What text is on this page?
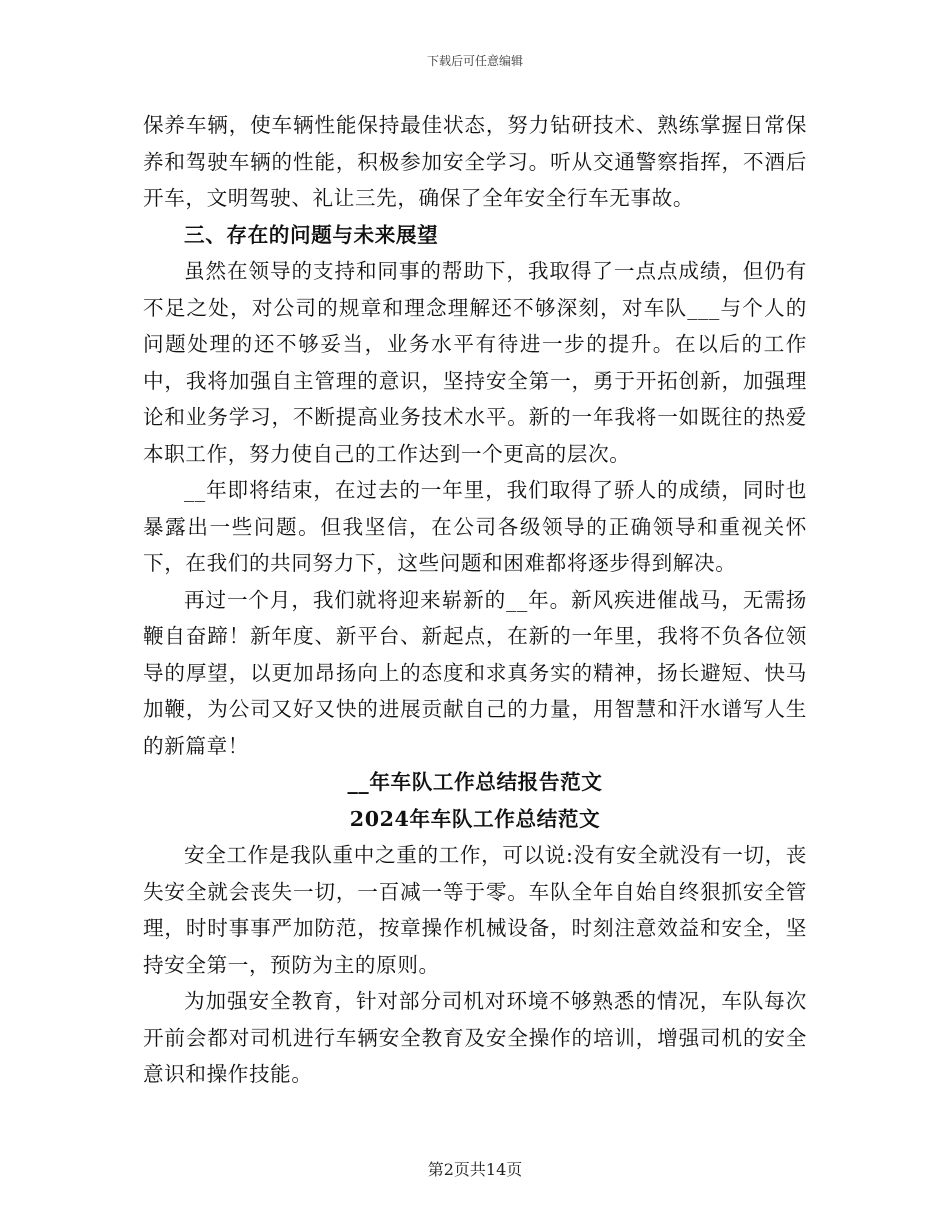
下载后可任意编辑

保养车辆，使车辆性能保持最佳状态，努力钻研技术、熟练掌握日常保养和驾驶车辆的性能，积极参加安全学习。听从交通警察指挥，不酒后开车，文明驾驶、礼让三先，确保了全年安全行车无事故。

三、存在的问题与未来展望

虽然在领导的支持和同事的帮助下，我取得了一点点成绩，但仍有不足之处，对公司的规章和理念理解还不够深刻，对车队___与个人的问题处理的还不够妥当，业务水平有待进一步的提升。在以后的工作中，我将加强自主管理的意识，坚持安全第一，勇于开拓创新，加强理论和业务学习，不断提高业务技术水平。新的一年我将一如既往的热爱本职工作，努力使自己的工作达到一个更高的层次。

__年即将结束，在过去的一年里，我们取得了骄人的成绩，同时也暴露出一些问题。但我坚信，在公司各级领导的正确领导和重视关怀下，在我们的共同努力下，这些问题和困难都将逐步得到解决。

再过一个月，我们就将迎来崭新的__年。新风疾进催战马，无需扬鞭自奋蹄！新年度、新平台、新起点，在新的一年里，我将不负各位领导的厚望，以更加昂扬向上的态度和求真务实的精神，扬长避短、快马加鞭，为公司又好又快的进展贡献自己的力量，用智慧和汗水谱写人生的新篇章！

__年车队工作总结报告范文

2024年车队工作总结范文

安全工作是我队重中之重的工作，可以说:没有安全就没有一切，丧失安全就会丧失一切，一百减一等于零。车队全年自始自终狠抓安全管理，时时事事严加防范，按章操作机械设备，时刻注意效益和安全，坚持安全第一，预防为主的原则。

为加强安全教育，针对部分司机对环境不够熟悉的情况，车队每次开前会都对司机进行车辆安全教育及安全操作的培训，增强司机的安全意识和操作技能。

第2页共14页
